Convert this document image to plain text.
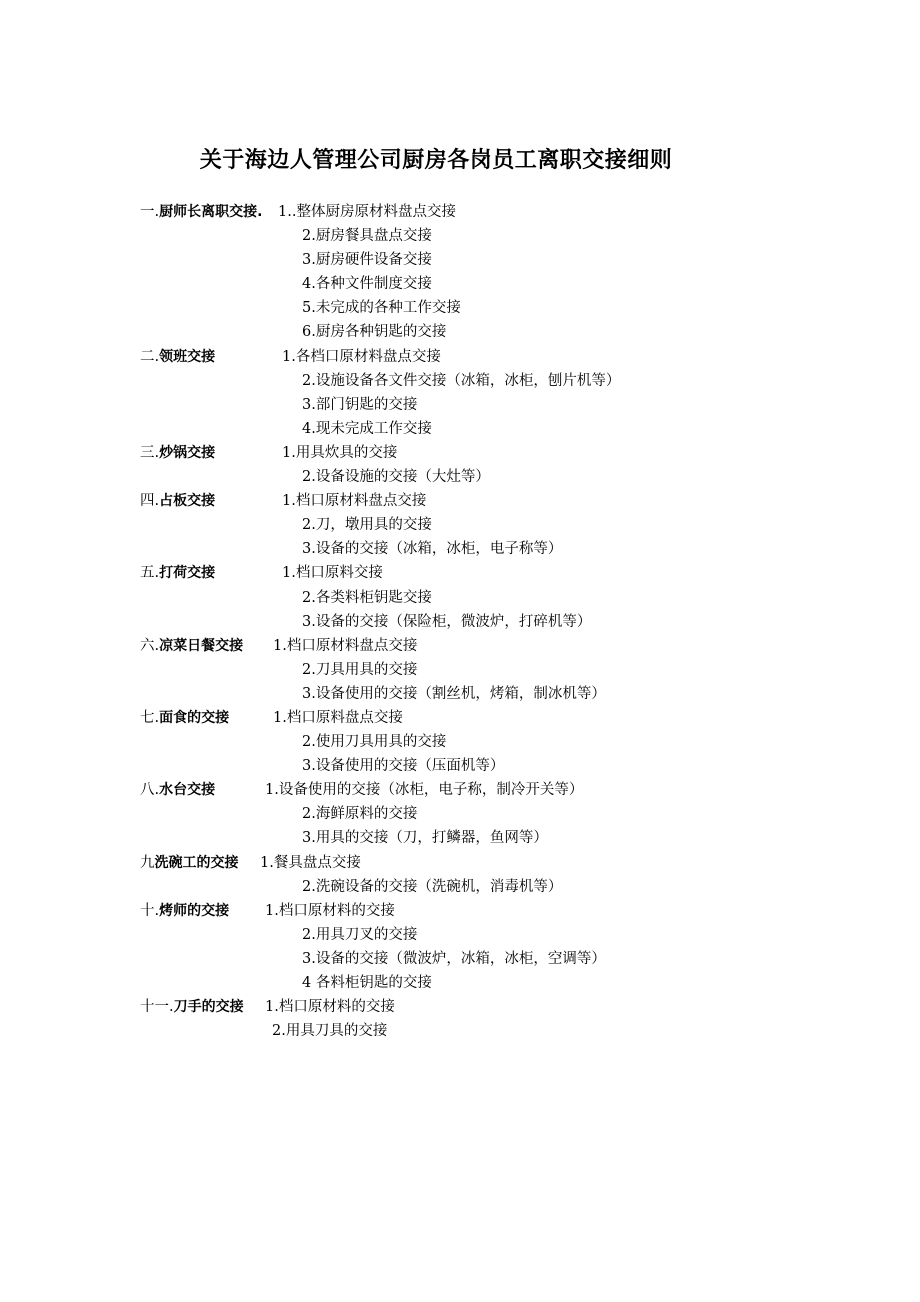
关于海边人管理公司厨房各岗员工离职交接细则
一.厨师长离职交接. 1..整体厨房原材料盘点交接
2.厨房餐具盘点交接
3.厨房硬件设备交接
4.各种文件制度交接
5.未完成的各种工作交接
6.厨房各种钥匙的交接
二.领班交接	1.各档口原材料盘点交接
2.设施设备各文件交接（冰箱，冰柜，刨片机等）
3.部门钥匙的交接
4.现未完成工作交接
三.炒锅交接	1.用具炊具的交接
2.设备设施的交接（大灶等）
四.占板交接	1.档口原材料盘点交接
2.刀，墩用具的交接
3.设备的交接（冰箱，冰柜，电子称等）
五.打荷交接	1.档口原料交接
2.各类料柜钥匙交接
3.设备的交接（保险柜，微波炉，打碎机等）
六.凉菜日餐交接 1.档口原材料盘点交接
2.刀具用具的交接
3.设备使用的交接（割丝机，烤箱，制冰机等）
七.面食的交接	1.档口原料盘点交接
2.使用刀具用具的交接
3.设备使用的交接（压面机等）
八.水台交接	1.设备使用的交接（冰柜，电子称，制冷开关等）
2.海鲜原料的交接
3.用具的交接（刀，打鳞器，鱼网等）
九洗碗工的交接 1.餐具盘点交接
2.洗碗设备的交接（洗碗机，消毒机等）
十.烤师的交接 1.档口原材料的交接
2.用具刀叉的交接
3.设备的交接（微波炉，冰箱，冰柜，空调等）
4 各料柜钥匙的交接
十一.刀手的交接 1.档口原材料的交接
2.用具刀具的交接
